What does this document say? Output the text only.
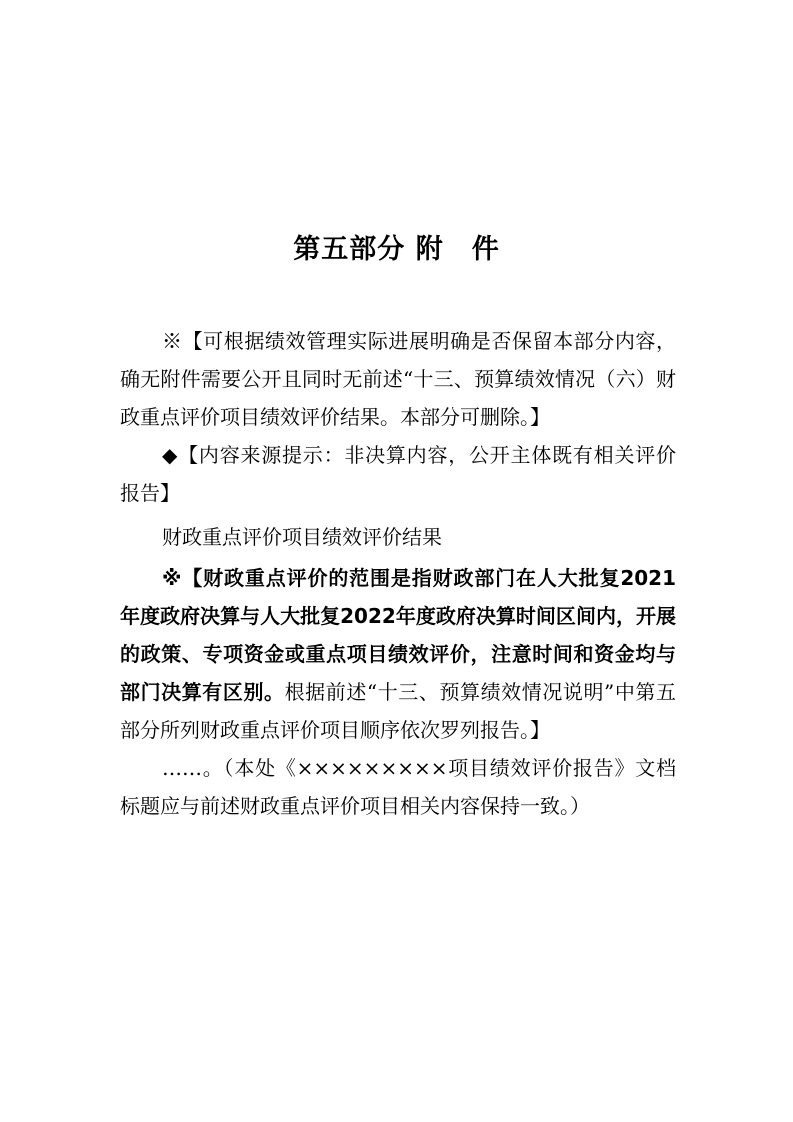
第五部分 附　件

※【可根据绩效管理实际进展明确是否保留本部分内容，确无附件需要公开且同时无前述“十三、预算绩效情况（六）财政重点评价项目绩效评价结果。本部分可删除。】

◆【内容来源提示：非决算内容，公开主体既有相关评价报告】

财政重点评价项目绩效评价结果

※【财政重点评价的范围是指财政部门在人大批复2021年度政府决算与人大批复2022年度政府决算时间区间内，开展的政策、专项资金或重点项目绩效评价，注意时间和资金均与部门决算有区别。根据前述“十三、预算绩效情况说明”中第五部分所列财政重点评价项目顺序依次罗列报告。】

……。（本处《×××××××××项目绩效评价报告》文档标题应与前述财政重点评价项目相关内容保持一致。）
